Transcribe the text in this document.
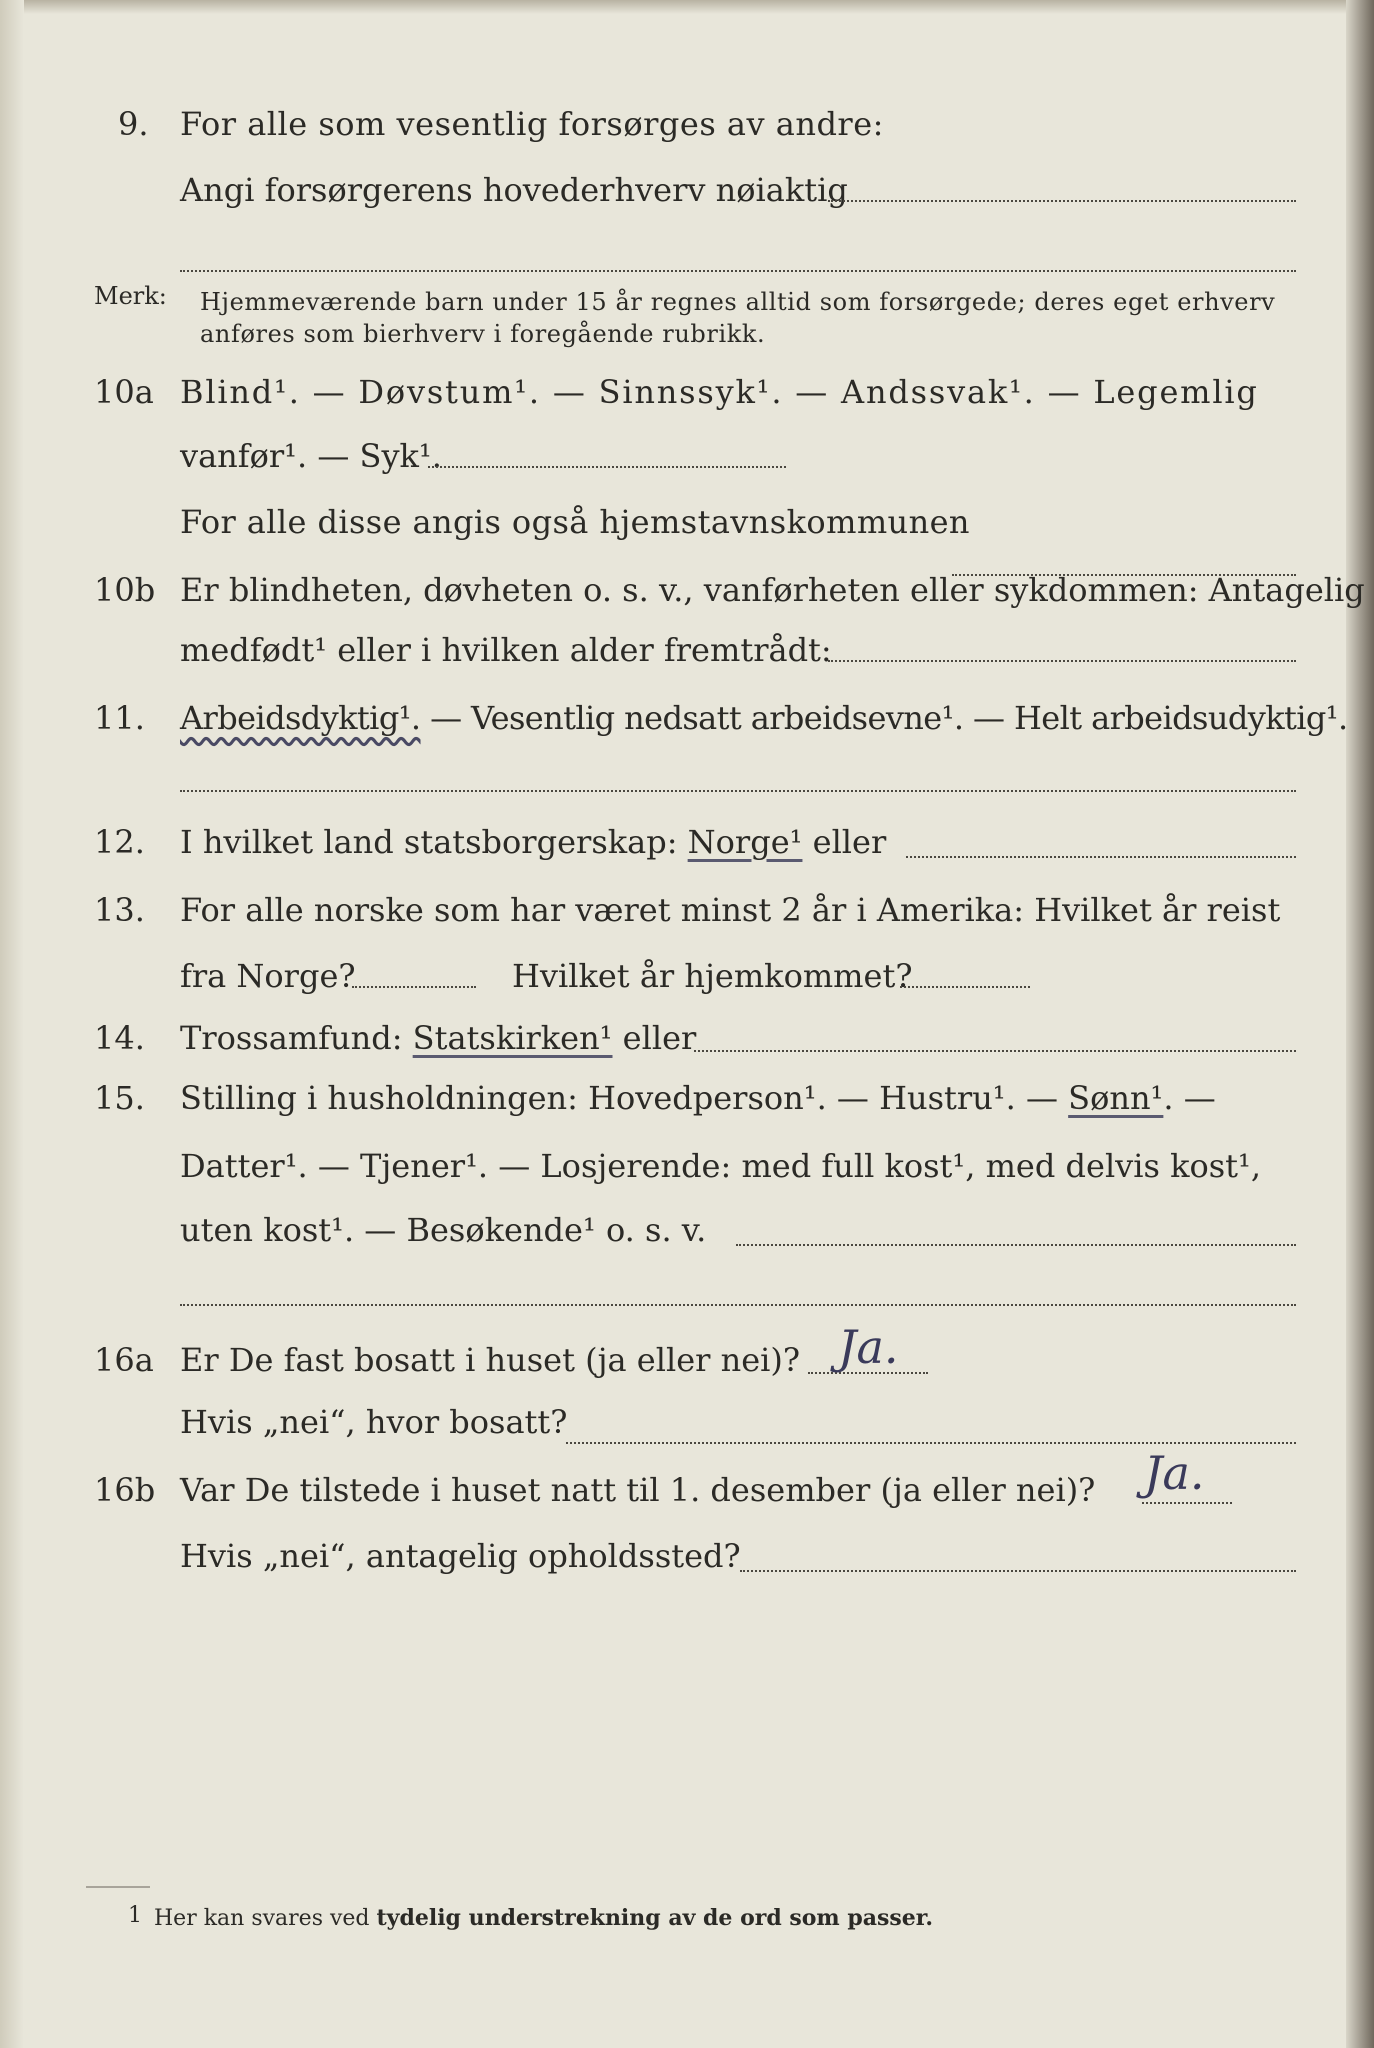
9. For alle som vesentlig forsørges av andre:
Angi forsørgerens hovederhverv nøiaktig
Merk: Hjemmeværende barn under 15 år regnes alltid som forsørgede; deres eget erhverv
anføres som bierhverv i foregående rubrikk.
10a Blind¹. — Døvstum¹. — Sinnssyk¹. — Andssvak¹. — Legemlig
vanfør¹. — Syk¹.
For alle disse angis også hjemstavnskommunen
10b Er blindheten, døvheten o. s. v., vanførheten eller sykdommen: Antagelig
medfødt¹ eller i hvilken alder fremtrådt:
11. Arbeidsdyktig¹. — Vesentlig nedsatt arbeidsevne¹. — Helt arbeidsudyktig¹.
12. I hvilket land statsborgerskap: Norge¹ eller
13. For alle norske som har været minst 2 år i Amerika: Hvilket år reist
fra Norge?	Hvilket år hjemkommet?
14. Trossamfund: Statskirken¹ eller
15. Stilling i husholdningen: Hovedperson¹. — Hustru¹. — Sønn¹. —
Datter¹. — Tjener¹. — Losjerende: med full kost¹, med delvis kost¹,
uten kost¹. — Besøkende¹ o. s. v.
16a Er De fast bosatt i huset (ja eller nei)? Ja.
Hvis „nei“, hvor bosatt?
16b Var De tilstede i huset natt til 1. desember (ja eller nei)? Ja.
Hvis „nei“, antagelig opholdssted?
1 Her kan svares ved tydelig understrekning av de ord som passer.
